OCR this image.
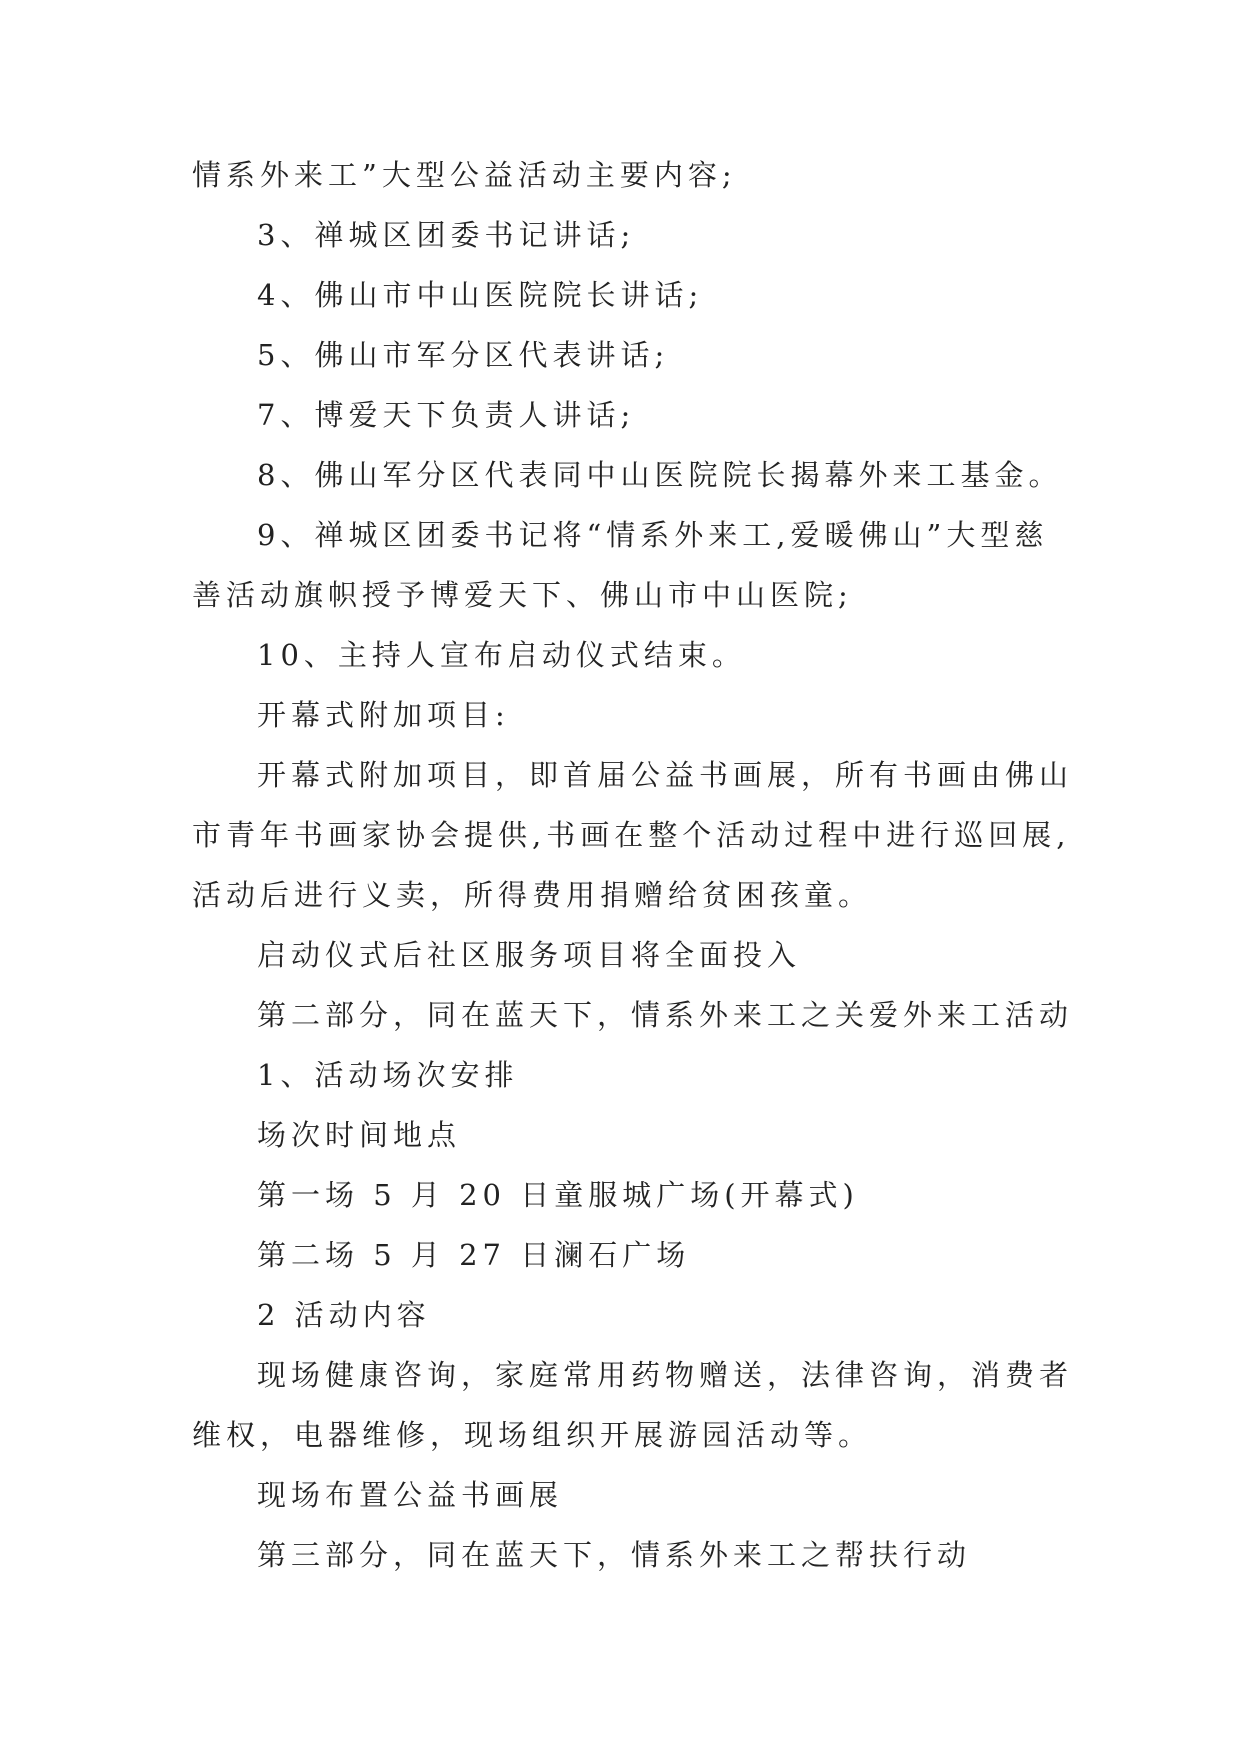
情系外来工”大型公益活动主要内容;
3、禅城区团委书记讲话;
4、佛山市中山医院院长讲话;
5、佛山市军分区代表讲话;
7、博爱天下负责人讲话;
8、佛山军分区代表同中山医院院长揭幕外来工基金。
9、禅城区团委书记将“情系外来工,爱暖佛山”大型慈
善活动旗帜授予博爱天下、佛山市中山医院;
10、主持人宣布启动仪式结束。
开幕式附加项目:
开幕式附加项目，即首届公益书画展，所有书画由佛山
市青年书画家协会提供,书画在整个活动过程中进行巡回展,
活动后进行义卖，所得费用捐赠给贫困孩童。
启动仪式后社区服务项目将全面投入
第二部分，同在蓝天下，情系外来工之关爱外来工活动
1、活动场次安排
场次时间地点
第一场 5 月 20 日童服城广场(开幕式)
第二场 5 月 27 日澜石广场
2 活动内容
现场健康咨询，家庭常用药物赠送，法律咨询，消费者
维权，电器维修，现场组织开展游园活动等。
现场布置公益书画展
第三部分，同在蓝天下，情系外来工之帮扶行动
